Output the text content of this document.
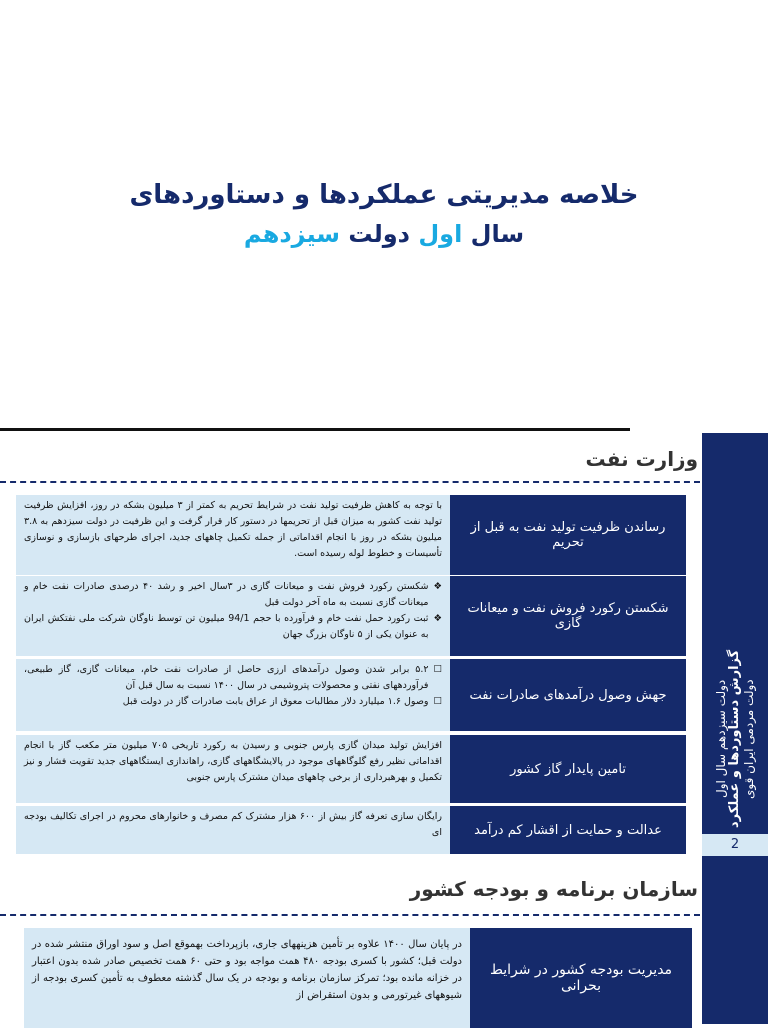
خلاصه مدیریتی عملکردها و دستاوردهای
سال اول دولت سیزدهم
دولت سیزدهم سال اول گزارش دستاوردها و عملکرد دولت مردمی ایران قوی
2
وزارت نفت
رساندن ظرفیت تولید نفت به قبل از تحریم

با توجه به کاهش ظرفیت تولید نفت در شرایط تحریم به کمتر از ۳ میلیون بشکه در روز، افزایش ظرفیت تولید نفت کشور به میزان قبل از تحریمها در دستور کار قرار گرفت و این ظرفیت در دولت سیزدهم به ۳.۸ میلیون بشکه در روز با انجام اقداماتی از جمله تکمیل چاههای جدید، اجرای طرحهای بازسازی و نوسازی تأسیسات و خطوط لوله رسیده است.

شکستن رکورد فروش نفت و میعانات گازی
❖
شکستن رکورد فروش نفت و میعانات گازی در ۳سال اخیر و رشد ۴۰ درصدی صادرات نفت خام و میعانات گازی نسبت به ماه آخر دولت قبل
❖
ثبت رکورد حمل نفت خام و فرآورده با حجم 94/1 میلیون تن توسط ناوگان شرکت ملی نفتکش ایران به عنوان یکی از ۵ ناوگان بزرگ جهان
جهش وصول درآمدهای صادرات نفت
☐
۵.۲ برابر شدن وصول درآمدهای ارزی حاصل از صادرات نفت خام، میعانات گازی، گاز طبیعی، فرآوردههای نفتی و محصولات پتروشیمی در سال ۱۴۰۰ نسبت به سال قبل آن
☐
وصول ۱.۶ میلیارد دلار مطالبات معوق از عراق بابت صادرات گاز در دولت قبل
تامین پایدار گاز کشور

افزایش تولید میدان گازی پارس جنوبی و رسیدن به رکورد تاریخی ۷۰۵ میلیون متر مکعب گاز با انجام اقداماتی نظیر رفع گلوگاههای موجود در پالایشگاههای گازی، راهاندازی ایستگاههای جدید تقویت فشار و نیز تکمیل و بهرهبرداری از برخی چاههای میدان مشترک پارس جنوبی

عدالت و حمایت از اقشار کم درآمد

رایگان سازی تعرفه گاز بیش از ۶۰۰ هزار مشترک کم مصرف و خانوارهای محروم در اجرای تکالیف بودجه ای

سازمان برنامه و بودجه کشور
مدیریت بودجه کشور در شرایط بحرانی

در پایان سال ۱۴۰۰ علاوه بر تأمین هزینههای جاری، بازپرداخت بهموقع اصل و سود اوراق منتشر شده در دولت قبل؛ کشور با کسری بودجه ۴۸۰ همت مواجه بود و حتی ۶۰ همت تخصیص صادر شده بدون اعتبار در خزانه مانده بود؛ تمرکز سازمان برنامه و بودجه در یک سال گذشته معطوف به تأمین کسری بودجه از شیوههای غیرتورمی و بدون استقراض از
